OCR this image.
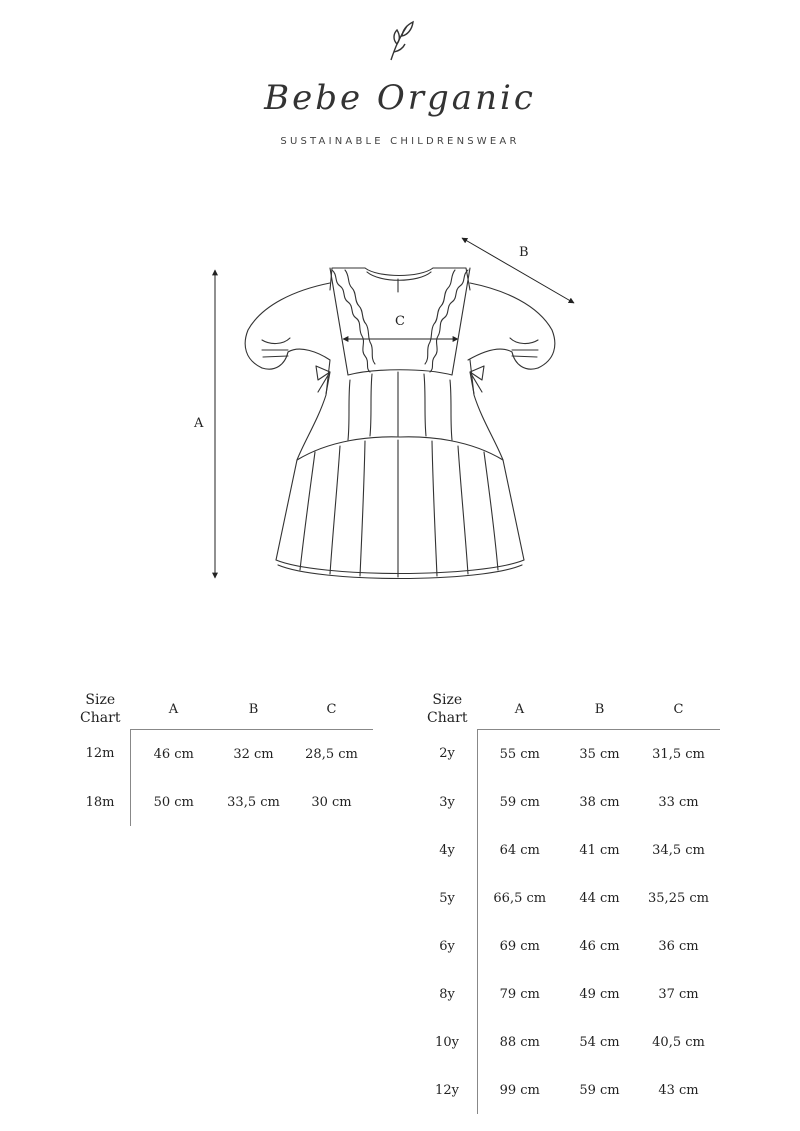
Bebe Organic
SUSTAINABLE CHILDRENSWEAR
A
B
C
Size
Chart	A	B	C
12m	46 cm	32 cm	28,5 cm
18m	50 cm	33,5 cm	30 cm
Size
Chart	A	B	C
2y	55 cm	35 cm	31,5 cm
3y	59 cm	38 cm	33 cm
4y	64 cm	41 cm	34,5 cm
5y	66,5 cm	44 cm	35,25 cm
6y	69 cm	46 cm	36 cm
8y	79 cm	49 cm	37 cm
10y	88 cm	54 cm	40,5 cm
12y	99 cm	59 cm	43 cm
